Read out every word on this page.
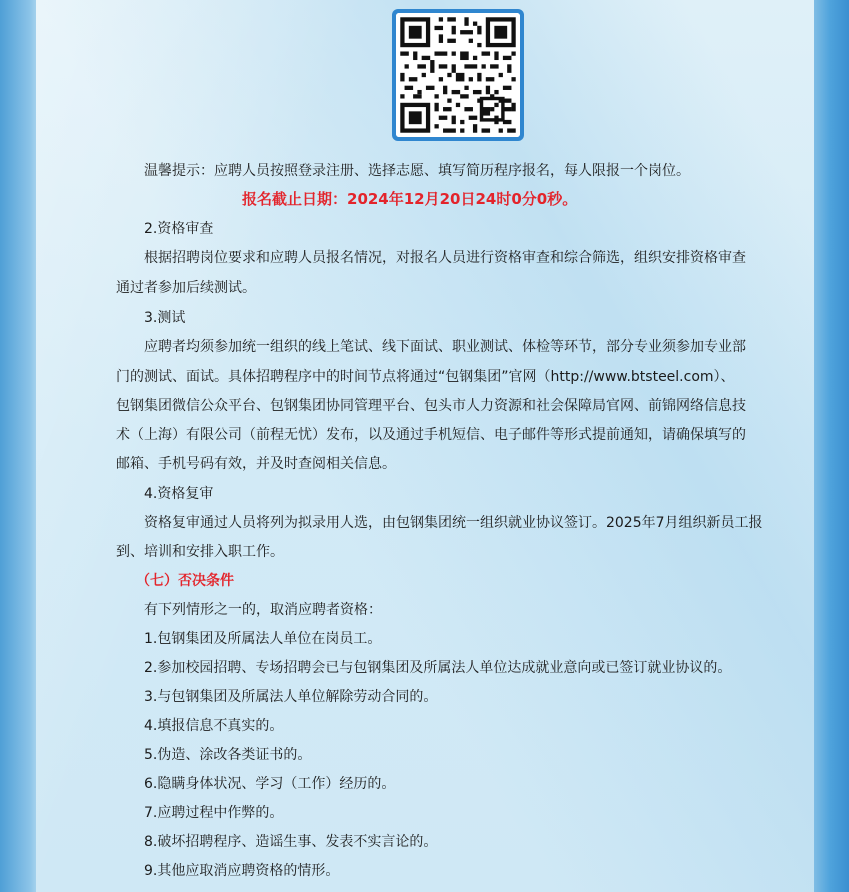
温馨提示：应聘人员按照登录注册、选择志愿、填写简历程序报名，每人限报一个岗位。
报名截止日期：2024年12月20日24时0分0秒。
2.资格审查
根据招聘岗位要求和应聘人员报名情况，对报名人员进行资格审查和综合筛选，组织安排资格审查
通过者参加后续测试。
3.测试
应聘者均须参加统一组织的线上笔试、线下面试、职业测试、体检等环节，部分专业须参加专业部
门的测试、面试。具体招聘程序中的时间节点将通过“包钢集团”官网（http://www.btsteel.com）、
包钢集团微信公众平台、包钢集团协同管理平台、包头市人力资源和社会保障局官网、前锦网络信息技
术（上海）有限公司（前程无忧）发布，以及通过手机短信、电子邮件等形式提前通知，请确保填写的
邮箱、手机号码有效，并及时查阅相关信息。
4.资格复审
资格复审通过人员将列为拟录用人选，由包钢集团统一组织就业协议签订。2025年7月组织新员工报
到、培训和安排入职工作。
（七）否决条件
有下列情形之一的，取消应聘者资格：
1.包钢集团及所属法人单位在岗员工。
2.参加校园招聘、专场招聘会已与包钢集团及所属法人单位达成就业意向或已签订就业协议的。
3.与包钢集团及所属法人单位解除劳动合同的。
4.填报信息不真实的。
5.伪造、涂改各类证书的。
6.隐瞒身体状况、学习（工作）经历的。
7.应聘过程中作弊的。
8.破坏招聘程序、造谣生事、发表不实言论的。
9.其他应取消应聘资格的情形。
